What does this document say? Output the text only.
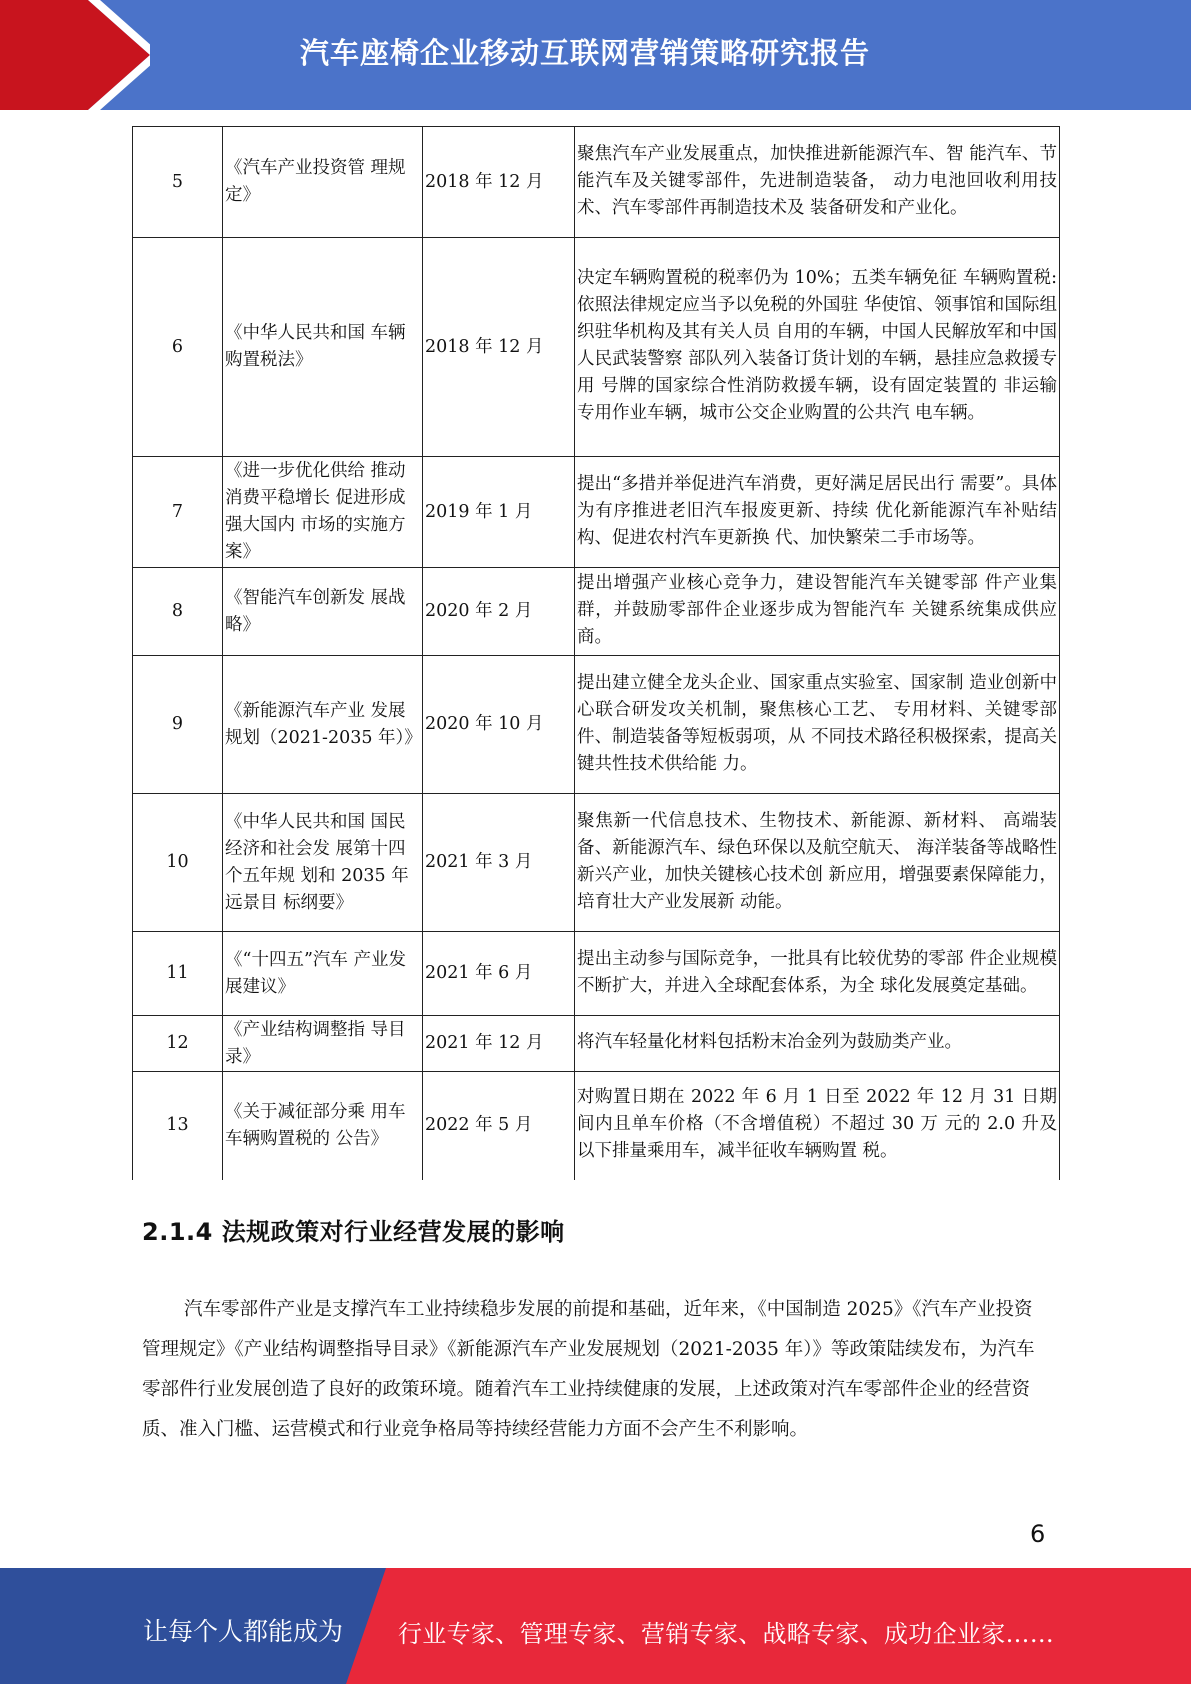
汽车座椅企业移动互联网营销策略研究报告
5	《汽车产业投资管 理规定》	2018 年 12 月	聚焦汽车产业发展重点，加快推进新能源汽车、智 能汽车、节能汽车及关键零部件，先进制造装备， 动力电池回收利用技术、汽车零部件再制造技术及 装备研发和产业化。
6	《中华人民共和国 车辆购置税法》	2018 年 12 月	决定车辆购置税的税率仍为 10%；五类车辆免征 车辆购置税:依照法律规定应当予以免税的外国驻 华使馆、领事馆和国际组织驻华机构及其有关人员 自用的车辆，中国人民解放军和中国人民武装警察 部队列入装备订货计划的车辆，悬挂应急救援专用 号牌的国家综合性消防救援车辆，设有固定装置的 非运输专用作业车辆，城市公交企业购置的公共汽 电车辆。
7	《进一步优化供给 推动消费平稳增长 促进形成强大国内 市场的实施方案》	2019 年 1 月	提出“多措并举促进汽车消费，更好满足居民出行 需要”。具体为有序推进老旧汽车报废更新、持续 优化新能源汽车补贴结构、促进农村汽车更新换 代、加快繁荣二手市场等。
8	《智能汽车创新发 展战略》	2020 年 2 月	提出增强产业核心竞争力，建设智能汽车关键零部 件产业集群，并鼓励零部件企业逐步成为智能汽车 关键系统集成供应商。
9	《新能源汽车产业 发展规划（2021-2035 年）》	2020 年 10 月	提出建立健全龙头企业、国家重点实验室、国家制 造业创新中心联合研发攻关机制，聚焦核心工艺、 专用材料、关键零部件、制造装备等短板弱项，从 不同技术路径积极探索，提高关键共性技术供给能 力。
10	《中华人民共和国 国民经济和社会发 展第十四个五年规 划和 2035 年远景目 标纲要》	2021 年 3 月	聚焦新一代信息技术、生物技术、新能源、新材料、 高端装备、新能源汽车、绿色环保以及航空航天、 海洋装备等战略性新兴产业，加快关键核心技术创 新应用，增强要素保障能力，培育壮大产业发展新 动能。
11	《“十四五”汽车 产业发展建议》	2021 年 6 月	提出主动参与国际竞争，一批具有比较优势的零部 件企业规模不断扩大，并进入全球配套体系，为全 球化发展奠定基础。
12	《产业结构调整指 导目录》	2021 年 12 月	将汽车轻量化材料包括粉末冶金列为鼓励类产业。
13	《关于减征部分乘 用车车辆购置税的 公告》	2022 年 5 月	对购置日期在 2022 年 6 月 1 日至 2022 年 12 月 31 日期间内且单车价格（不含增值税）不超过 30 万 元的 2.0 升及以下排量乘用车，减半征收车辆购置 税。
2.1.4 法规政策对行业经营发展的影响
汽车零部件产业是支撑汽车工业持续稳步发展的前提和基础，近年来，《中国制造 2025》《汽车产业投资管理规定》《产业结构调整指导目录》《新能源汽车产业发展规划（2021-2035 年）》等政策陆续发布，为汽车零部件行业发展创造了良好的政策环境。随着汽车工业持续健康的发展，上述政策对汽车零部件企业的经营资质、准入门槛、运营模式和行业竞争格局等持续经营能力方面不会产生不利影响。
6
让每个人都能成为 行业专家、管理专家、营销专家、战略专家、成功企业家……
